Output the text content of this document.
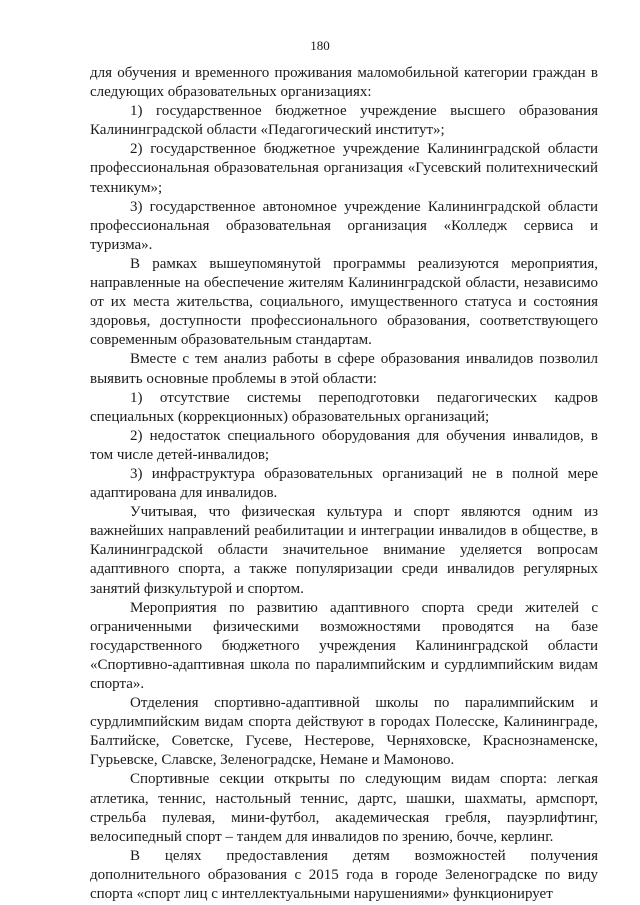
180

для обучения и временного проживания маломобильной категории граждан в следующих образовательных организациях:

1) государственное бюджетное учреждение высшего образования Калининградской области «Педагогический институт»;

2) государственное бюджетное учреждение Калининградской области профессиональная образовательная организация «Гусевский политехнический техникум»;

3) государственное автономное учреждение Калининградской области профессиональная образовательная организация «Колледж сервиса и туризма».

В рамках вышеупомянутой программы реализуются мероприятия, направленные на обеспечение жителям Калининградской области, независимо от их места жительства, социального, имущественного статуса и состояния здоровья, доступности профессионального образования, соответствующего современным образовательным стандартам.

Вместе с тем анализ работы в сфере образования инвалидов позволил выявить основные проблемы в этой области:

1) отсутствие системы переподготовки педагогических кадров специальных (коррекционных) образовательных организаций;

2) недостаток специального оборудования для обучения инвалидов, в том числе детей-инвалидов;

3) инфраструктура образовательных организаций не в полной мере адаптирована для инвалидов.

Учитывая, что физическая культура и спорт являются одним из важнейших направлений реабилитации и интеграции инвалидов в обществе, в Калининградской области значительное внимание уделяется вопросам адаптивного спорта, а также популяризации среди инвалидов регулярных занятий физкультурой и спортом.

Мероприятия по развитию адаптивного спорта среди жителей с ограниченными физическими возможностями проводятся на базе государственного бюджетного учреждения Калининградской области «Спортивно-адаптивная школа по паралимпийским и сурдлимпийским видам спорта».

Отделения спортивно-адаптивной школы по паралимпийским и сурдлимпийским видам спорта действуют в городах Полесске, Калининграде, Балтийске, Советске, Гусеве, Нестерове, Черняховске, Краснознаменске, Гурьевске, Славске, Зеленоградске, Немане и Мамоново.

Спортивные секции открыты по следующим видам спорта: легкая атлетика, теннис, настольный теннис, дартс, шашки, шахматы, армспорт, стрельба пулевая, мини-футбол, академическая гребля, пауэрлифтинг, велосипедный спорт – тандем для инвалидов по зрению, бочче, керлинг.

В целях предоставления детям возможностей получения дополнительного образования с 2015 года в городе Зеленоградске по виду спорта «спорт лиц с интеллектуальными нарушениями» функционирует
